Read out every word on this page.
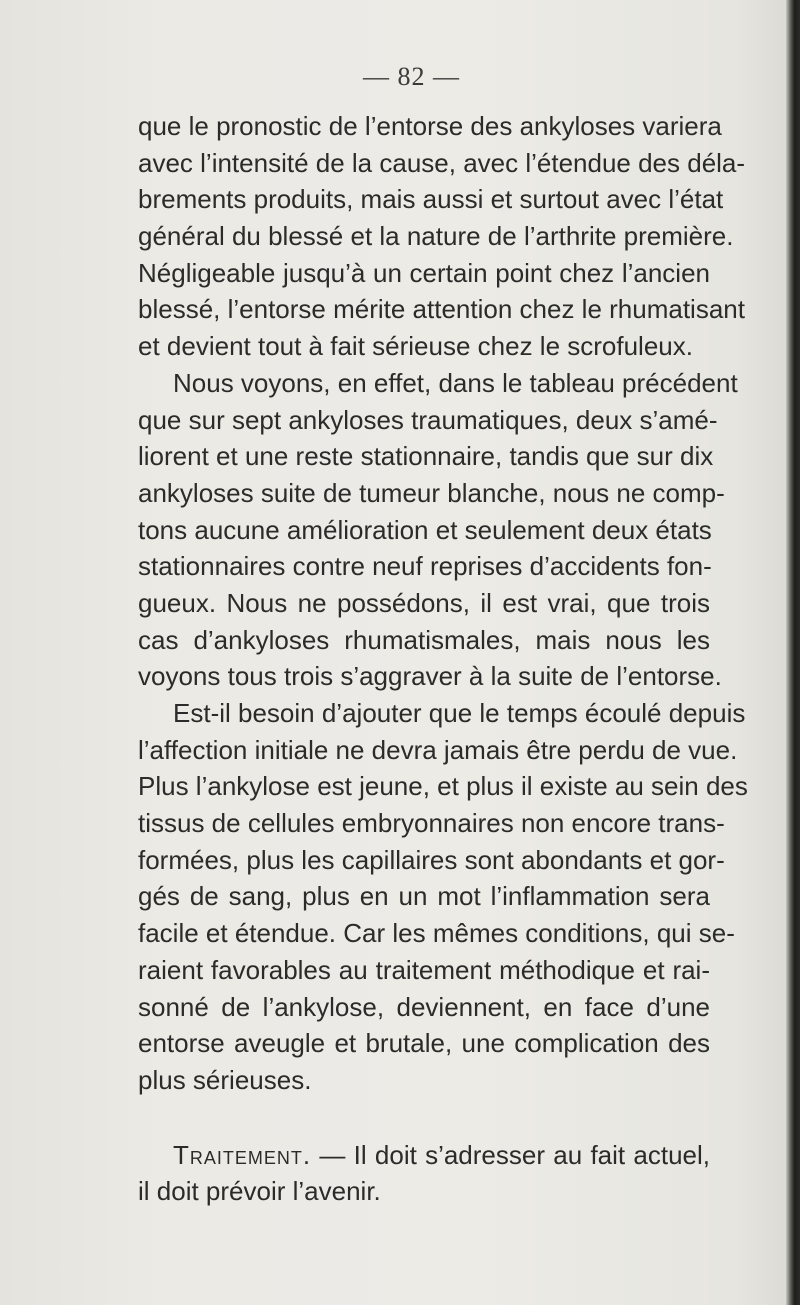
— 82 —
que le pronostic de l’entorse des ankyloses variera
avec l’intensité de la cause, avec l’étendue des déla-
brements produits, mais aussi et surtout avec l’état
général du blessé et la nature de l’arthrite première.
Négligeable jusqu’à un certain point chez l’ancien
blessé, l’entorse mérite attention chez le rhumatisant
et devient tout à fait sérieuse chez le scrofuleux.
Nous voyons, en effet, dans le tableau précédent
que sur sept ankyloses traumatiques, deux s’amé-
liorent et une reste stationnaire, tandis que sur dix
ankyloses suite de tumeur blanche, nous ne comp-
tons aucune amélioration et seulement deux états
stationnaires contre neuf reprises d’accidents fon-
gueux. Nous ne possédons, il est vrai, que trois
cas d’ankyloses rhumatismales, mais nous les
voyons tous trois s’aggraver à la suite de l’entorse.
Est-il besoin d’ajouter que le temps écoulé depuis
l’affection initiale ne devra jamais être perdu de vue.
Plus l’ankylose est jeune, et plus il existe au sein des
tissus de cellules embryonnaires non encore trans-
formées, plus les capillaires sont abondants et gor-
gés de sang, plus en un mot l’inflammation sera
facile et étendue. Car les mêmes conditions, qui se-
raient favorables au traitement méthodique et rai-
sonné de l’ankylose, deviennent, en face d’une
entorse aveugle et brutale, une complication des
plus sérieuses.
Traitement. — Il doit s’adresser au fait actuel,
il doit prévoir l’avenir.
